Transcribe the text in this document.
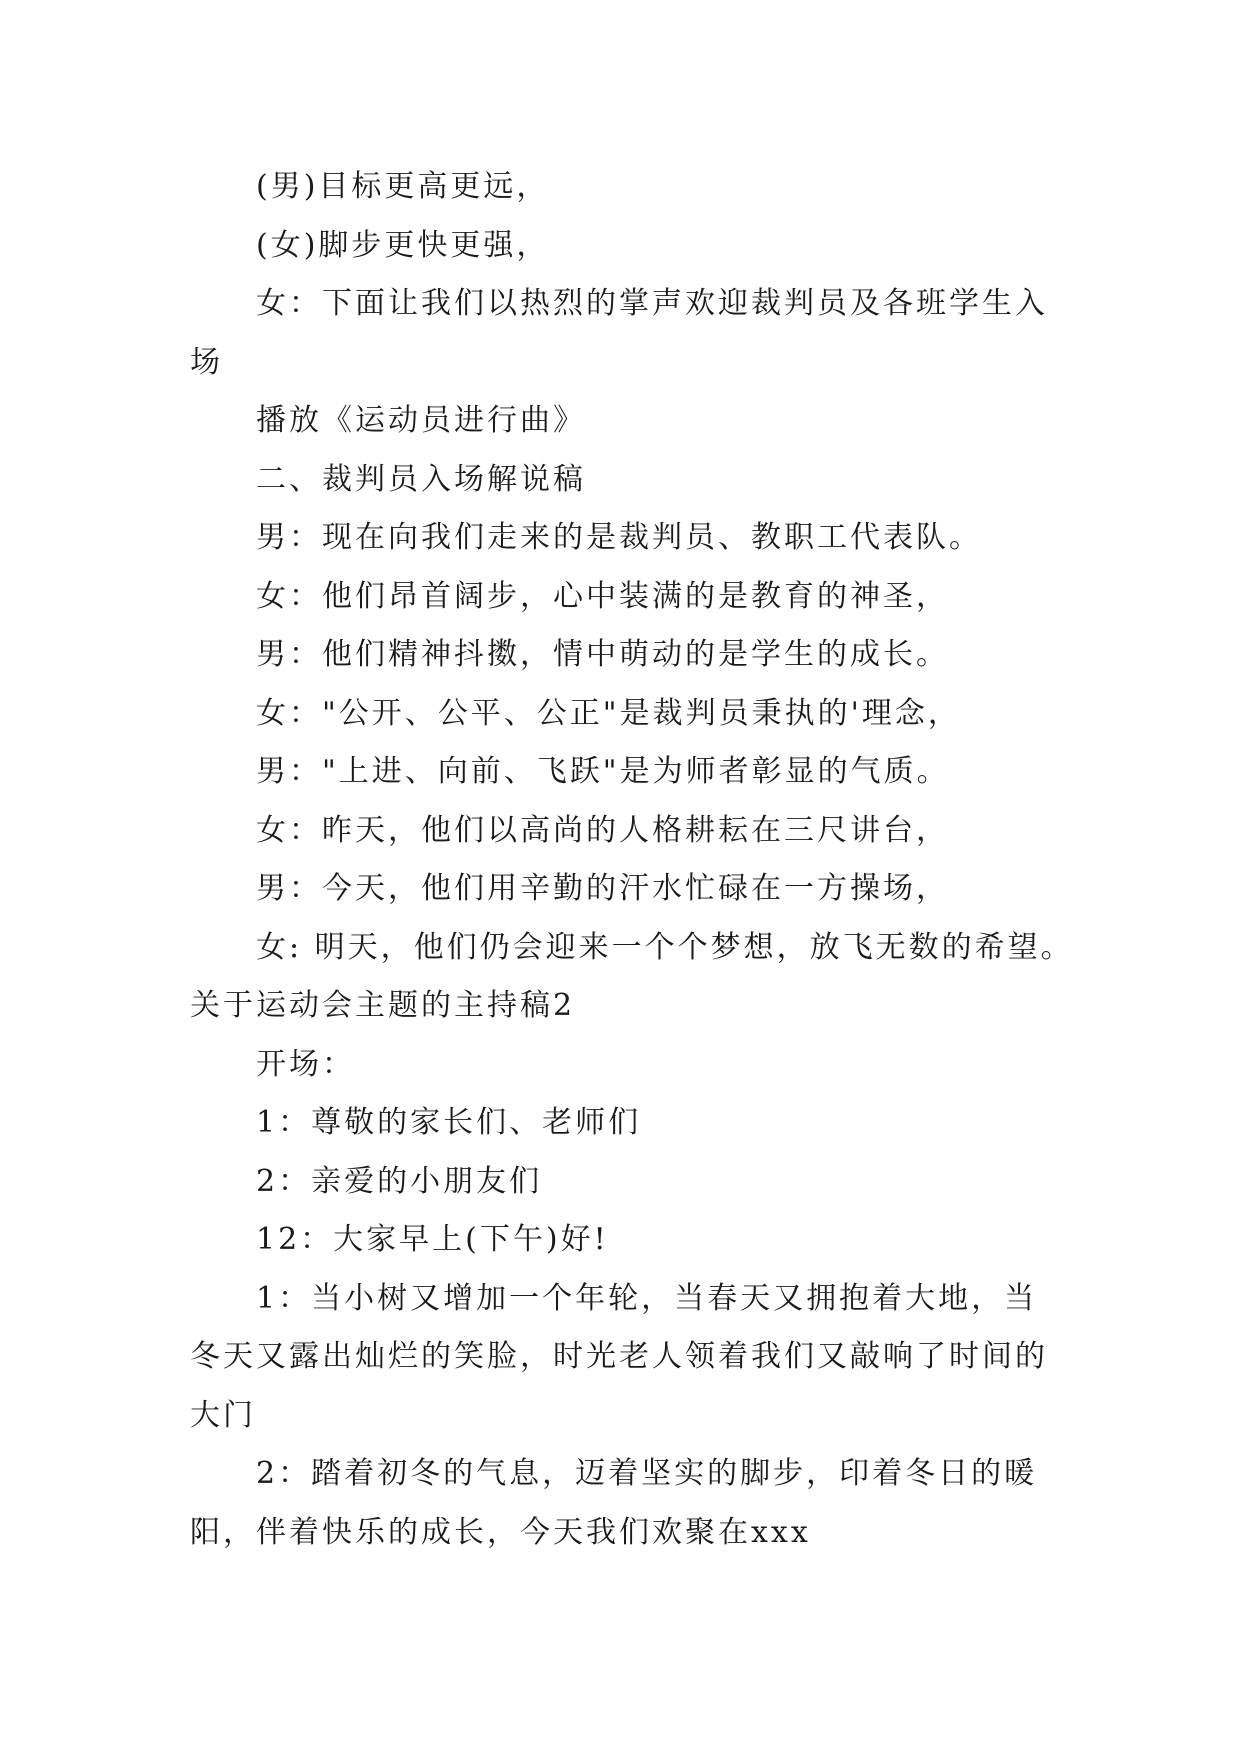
(男)目标更高更远，
(女)脚步更快更强，
女：下面让我们以热烈的掌声欢迎裁判员及各班学生入
场
播放《运动员进行曲》
二、裁判员入场解说稿
男：现在向我们走来的是裁判员、教职工代表队。
女：他们昂首阔步，心中装满的是教育的神圣，
男：他们精神抖擞，情中萌动的是学生的成长。
女："公开、公平、公正"是裁判员秉执的'理念，
男："上进、向前、飞跃"是为师者彰显的气质。
女：昨天，他们以高尚的人格耕耘在三尺讲台，
男：今天，他们用辛勤的汗水忙碌在一方操场，
女: 明天，他们仍会迎来一个个梦想，放飞无数的希望。
关于运动会主题的主持稿2
开场：
1：尊敬的家长们、老师们
2：亲爱的小朋友们
12：大家早上(下午)好!
1：当小树又增加一个年轮，当春天又拥抱着大地，当
冬天又露出灿烂的笑脸，时光老人领着我们又敲响了时间的
大门
2：踏着初冬的气息，迈着坚实的脚步，印着冬日的暖
阳，伴着快乐的成长，今天我们欢聚在xxx
